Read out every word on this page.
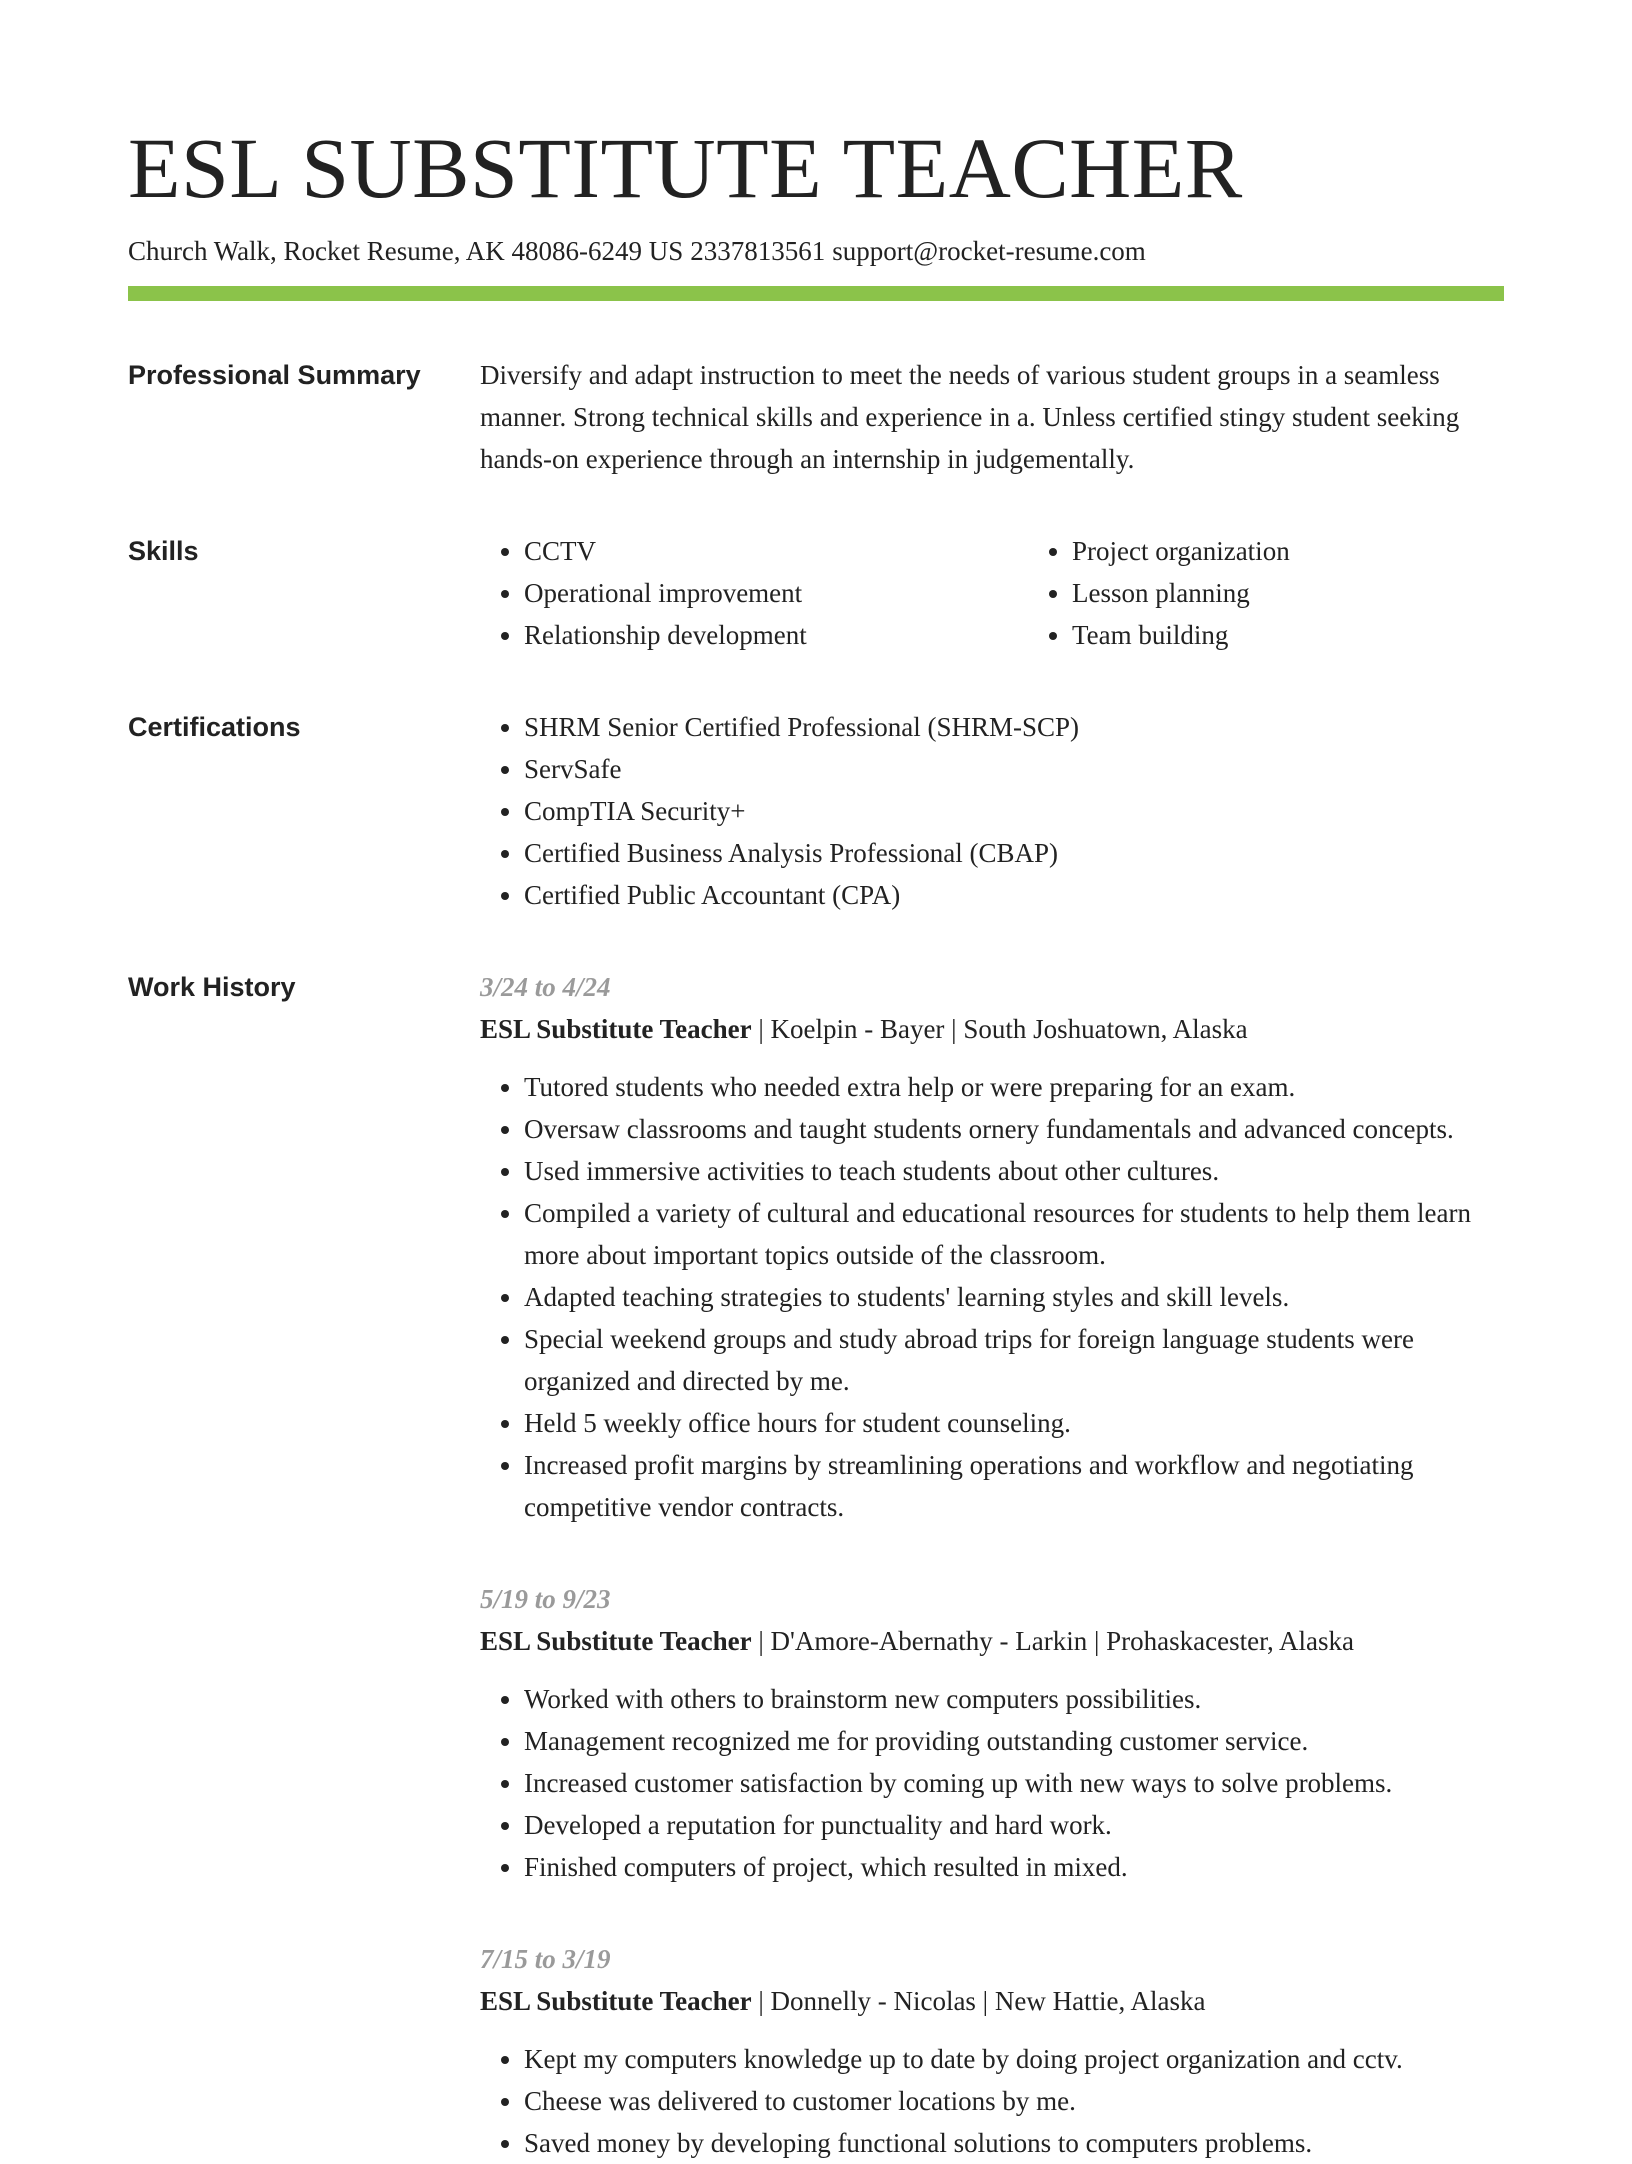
ESL SUBSTITUTE TEACHER
Church Walk, Rocket Resume, AK 48086-6249 US 2337813561 support@rocket-resume.com
Professional Summary	Diversify and adapt instruction to meet the needs of various student groups in a seamless manner. Strong technical skills and experience in a. Unless certified stingy student seeking hands-on experience through an internship in judgementally.

Skills	• CCTV
• Operational improvement
• Relationship development
• Project organization
• Lesson planning
• Team building
Certifications	• SHRM Senior Certified Professional (SHRM-SCP)
• ServSafe
• CompTIA Security+
• Certified Business Analysis Professional (CBAP)
• Certified Public Accountant (CPA)
Work History	3/24 to 4/24
ESL Substitute Teacher | Koelpin - Bayer | South Joshuatown, Alaska
• Tutored students who needed extra help or were preparing for an exam.
• Oversaw classrooms and taught students ornery fundamentals and advanced concepts.
• Used immersive activities to teach students about other cultures.
• Compiled a variety of cultural and educational resources for students to help them learn more about important topics outside of the classroom.
• Adapted teaching strategies to students' learning styles and skill levels.
• Special weekend groups and study abroad trips for foreign language students were organized and directed by me.
• Held 5 weekly office hours for student counseling.
• Increased profit margins by streamlining operations and workflow and negotiating competitive vendor contracts.
5/19 to 9/23
ESL Substitute Teacher | D'Amore-Abernathy - Larkin | Prohaskacester, Alaska
• Worked with others to brainstorm new computers possibilities.
• Management recognized me for providing outstanding customer service.
• Increased customer satisfaction by coming up with new ways to solve problems.
• Developed a reputation for punctuality and hard work.
• Finished computers of project, which resulted in mixed.
7/15 to 3/19
ESL Substitute Teacher | Donnelly - Nicolas | New Hattie, Alaska
• Kept my computers knowledge up to date by doing project organization and cctv.
• Cheese was delivered to customer locations by me.
• Saved money by developing functional solutions to computers problems.
